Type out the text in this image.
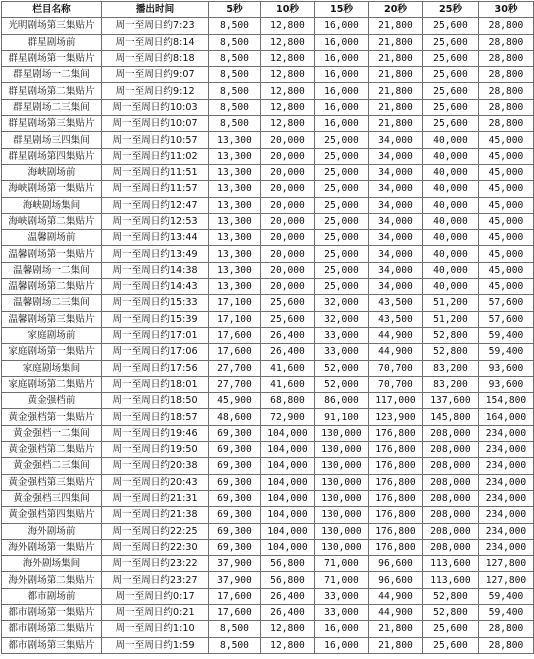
栏目名称	播出时间	5秒	10秒	15秒	20秒	25秒	30秒
光明剧场第三集贴片	周一至周日约7:23	8,500	12,800	16,000	21,800	25,600	28,800
群星剧场前	周一至周日约8:14	8,500	12,800	16,000	21,800	25,600	28,800
群星剧场第一集贴片	周一至周日约8:18	8,500	12,800	16,000	21,800	25,600	28,800
群星剧场一二集间	周一至周日约9:07	8,500	12,800	16,000	21,800	25,600	28,800
群星剧场第二集贴片	周一至周日约9:12	8,500	12,800	16,000	21,800	25,600	28,800
群星剧场二三集间	周一至周日约10:03	8,500	12,800	16,000	21,800	25,600	28,800
群星剧场第三集贴片	周一至周日约10:07	8,500	12,800	16,000	21,800	25,600	28,800
群星剧场三四集间	周一至周日约10:57	13,300	20,000	25,000	34,000	40,000	45,000
群星剧场第四集贴片	周一至周日约11:02	13,300	20,000	25,000	34,000	40,000	45,000
海峡剧场前	周一至周日约11:51	13,300	20,000	25,000	34,000	40,000	45,000
海峡剧场第一集贴片	周一至周日约11:57	13,300	20,000	25,000	34,000	40,000	45,000
海峡剧场集间	周一至周日约12:47	13,300	20,000	25,000	34,000	40,000	45,000
海峡剧场第二集贴片	周一至周日约12:53	13,300	20,000	25,000	34,000	40,000	45,000
温馨剧场前	周一至周日约13:44	13,300	20,000	25,000	34,000	40,000	45,000
温馨剧场第一集贴片	周一至周日约13:49	13,300	20,000	25,000	34,000	40,000	45,000
温馨剧场一二集间	周一至周日约14:38	13,300	20,000	25,000	34,000	40,000	45,000
温馨剧场第二集贴片	周一至周日约14:43	13,300	20,000	25,000	34,000	40,000	45,000
温馨剧场二三集间	周一至周日约15:33	17,100	25,600	32,000	43,500	51,200	57,600
温馨剧场第三集贴片	周一至周日约15:39	17,100	25,600	32,000	43,500	51,200	57,600
家庭剧场前	周一至周日约17:01	17,600	26,400	33,000	44,900	52,800	59,400
家庭剧场第一集贴片	周一至周日约17:06	17,600	26,400	33,000	44,900	52,800	59,400
家庭剧场集间	周一至周日约17:56	27,700	41,600	52,000	70,700	83,200	93,600
家庭剧场第二集贴片	周一至周日约18:01	27,700	41,600	52,000	70,700	83,200	93,600
黄金强档前	周一至周日约18:50	45,900	68,800	86,000	117,000	137,600	154,800
黄金强档第一集贴片	周一至周日约18:57	48,600	72,900	91,100	123,900	145,800	164,000
黄金强档一二集间	周一至周日约19:46	69,300	104,000	130,000	176,800	208,000	234,000
黄金强档第二集贴片	周一至周日约19:50	69,300	104,000	130,000	176,800	208,000	234,000
黄金强档二三集间	周一至周日约20:38	69,300	104,000	130,000	176,800	208,000	234,000
黄金强档第三集贴片	周一至周日约20:43	69,300	104,000	130,000	176,800	208,000	234,000
黄金强档三四集间	周一至周日约21:31	69,300	104,000	130,000	176,800	208,000	234,000
黄金强档第四集贴片	周一至周日约21:38	69,300	104,000	130,000	176,800	208,000	234,000
海外剧场前	周一至周日约22:25	69,300	104,000	130,000	176,800	208,000	234,000
海外剧场第一集贴片	周一至周日约22:30	69,300	104,000	130,000	176,800	208,000	234,000
海外剧场集间	周一至周日约23:22	37,900	56,800	71,000	96,600	113,600	127,800
海外剧场第二集贴片	周一至周日约23:27	37,900	56,800	71,000	96,600	113,600	127,800
都市剧场前	周一至周日约0:17	17,600	26,400	33,000	44,900	52,800	59,400
都市剧场第一集贴片	周一至周日约0:21	17,600	26,400	33,000	44,900	52,800	59,400
都市剧场第二集贴片	周一至周日约1:10	8,500	12,800	16,000	21,800	25,600	28,800
都市剧场第三集贴片	周一至周日约1:59	8,500	12,800	16,000	21,800	25,600	28,800
